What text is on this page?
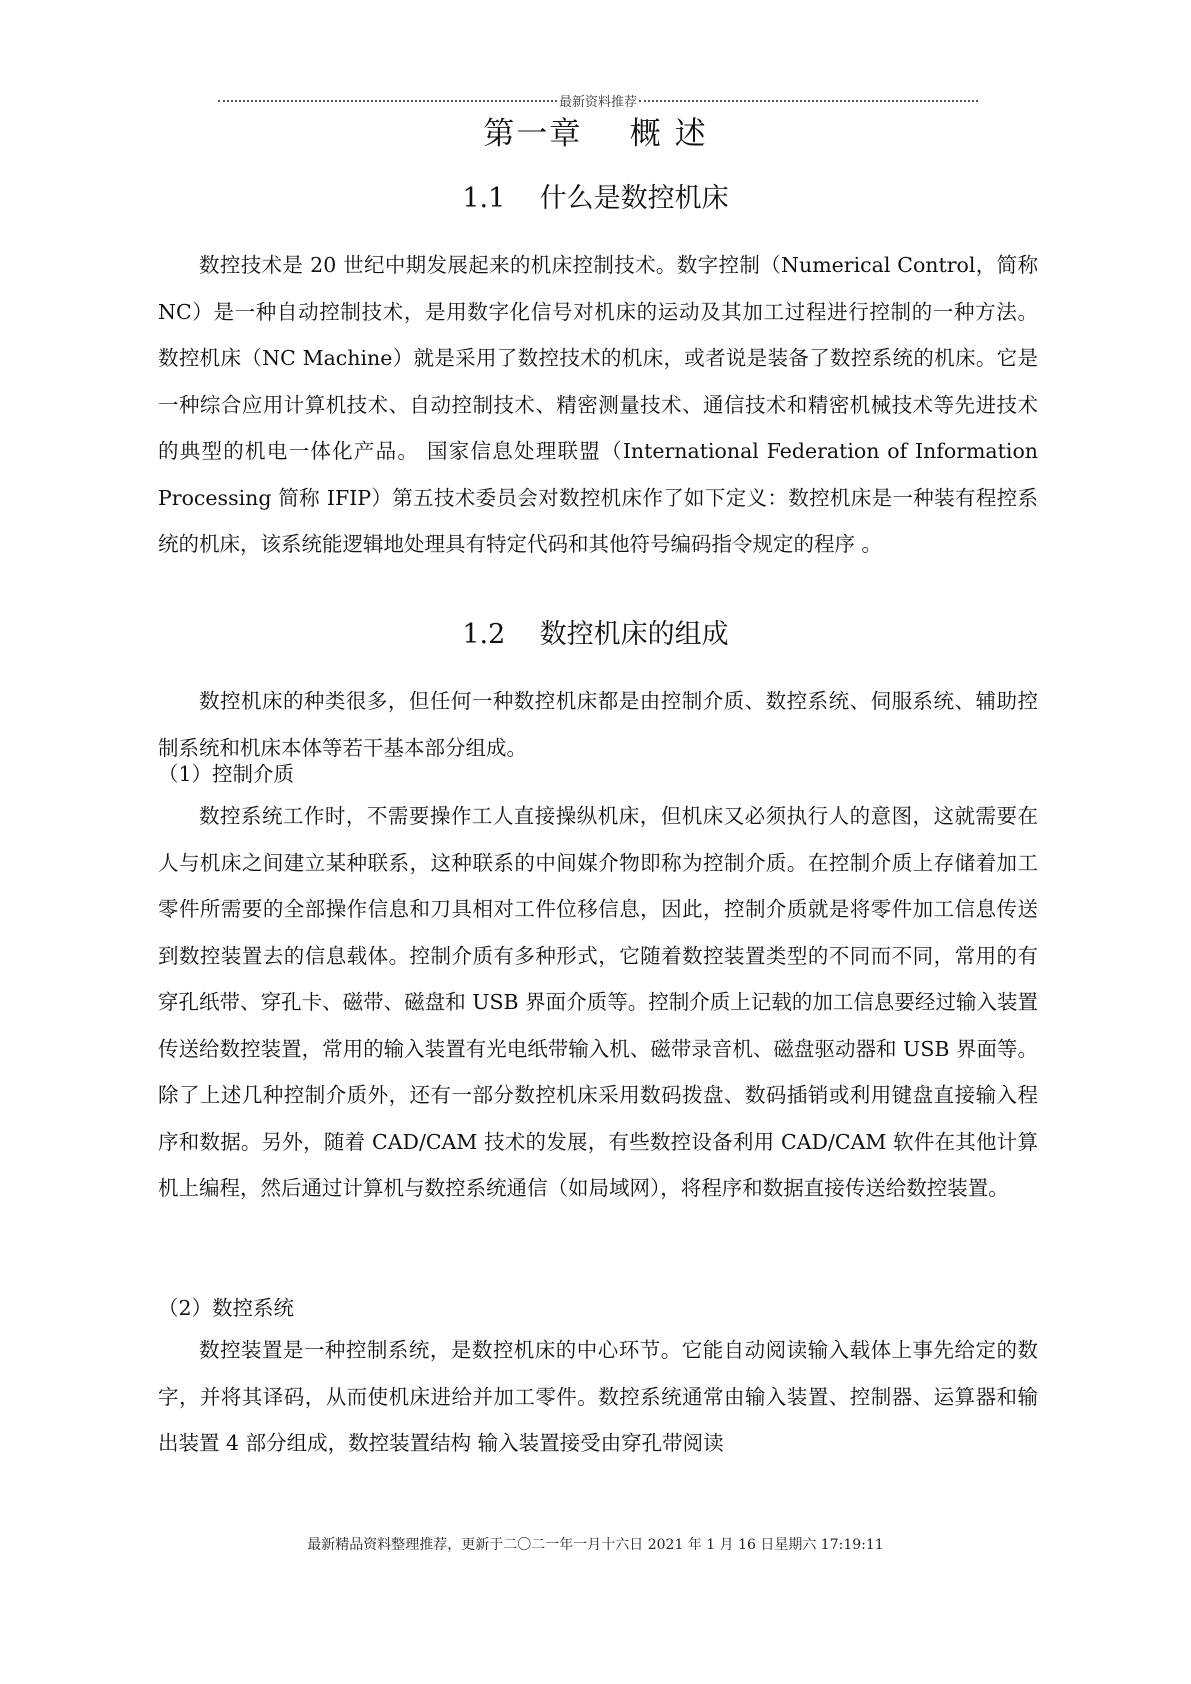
最新资料推荐
第一章    概 述
1.1    什么是数控机床

数控技术是 20 世纪中期发展起来的机床控制技术。数字控制（Numerical Control，简称 NC）是一种自动控制技术，是用数字化信号对机床的运动及其加工过程进行控制的一种方法。 数控机床（NC Machine）就是采用了数控技术的机床，或者说是装备了数控系统的机床。它是一种综合应用计算机技术、自动控制技术、精密测量技术、通信技术和精密机械技术等先进技术的典型的机电一体化产品。 国家信息处理联盟（International Federation of Information Processing 简称 IFIP）第五技术委员会对数控机床作了如下定义：数控机床是一种装有程控系统的机床，该系统能逻辑地处理具有特定代码和其他符号编码指令规定的程序 。

1.2    数控机床的组成

数控机床的种类很多，但任何一种数控机床都是由控制介质、数控系统、伺服系统、辅助控制系统和机床本体等若干基本部分组成。

（1）控制介质

数控系统工作时，不需要操作工人直接操纵机床，但机床又必须执行人的意图，这就需要在人与机床之间建立某种联系，这种联系的中间媒介物即称为控制介质。在控制介质上存储着加工零件所需要的全部操作信息和刀具相对工件位移信息，因此，控制介质就是将零件加工信息传送到数控装置去的信息载体。控制介质有多种形式，它随着数控装置类型的不同而不同，常用的有穿孔纸带、穿孔卡、磁带、磁盘和 USB 界面介质等。控制介质上记载的加工信息要经过输入装置传送给数控装置，常用的输入装置有光电纸带输入机、磁带录音机、磁盘驱动器和 USB 界面等。 除了上述几种控制介质外，还有一部分数控机床采用数码拨盘、数码插销或利用键盘直接输入程序和数据。另外，随着 CAD/CAM 技术的发展，有些数控设备利用 CAD/CAM 软件在其他计算机上编程，然后通过计算机与数控系统通信（如局域网），将程序和数据直接传送给数控装置。

（2）数控系统

数控装置是一种控制系统，是数控机床的中心环节。它能自动阅读输入载体上事先给定的数字，并将其译码，从而使机床进给并加工零件。数控系统通常由输入装置、控制器、运算器和输出装置 4 部分组成，数控装置结构 输入装置接受由穿孔带阅读

最新精品资料整理推荐，更新于二〇二一年一月十六日 2021 年 1 月 16 日星期六 17:19:11
